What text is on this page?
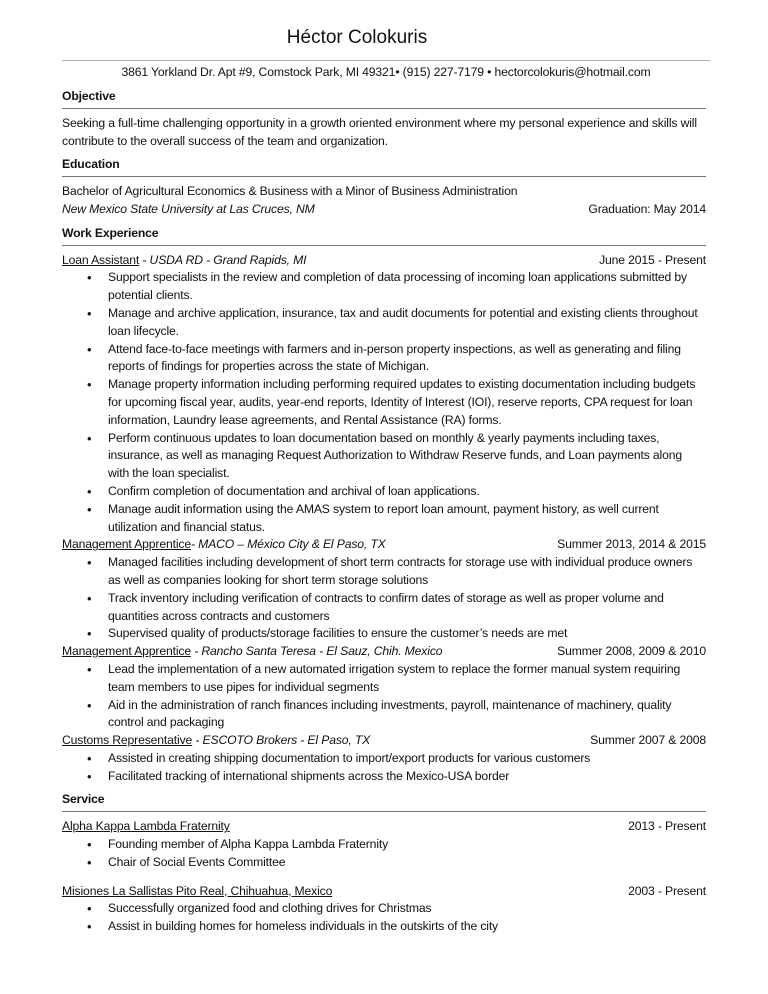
Héctor Colokuris
3861 Yorkland Dr. Apt #9, Comstock Park, MI 49321• (915) 227-7179 • hectorcolokuris@hotmail.com
Objective
Seeking a full-time challenging opportunity in a growth oriented environment where my personal experience and skills will contribute to the overall success of the team and organization.
Education
Bachelor of Agricultural Economics & Business with a Minor of Business Administration
New Mexico State University at Las Cruces, NM	Graduation: May 2014
Work Experience
Loan Assistant - USDA RD - Grand Rapids, MI	June 2015 - Present
• Support specialists in the review and completion of data processing of incoming loan applications submitted by potential clients.
• Manage and archive application, insurance, tax and audit documents for potential and existing clients throughout loan lifecycle.
• Attend face-to-face meetings with farmers and in-person property inspections, as well as generating and filing reports of findings for properties across the state of Michigan.
• Manage property information including performing required updates to existing documentation including budgets for upcoming fiscal year, audits, year-end reports, Identity of Interest (IOI), reserve reports, CPA request for loan information, Laundry lease agreements, and Rental Assistance (RA) forms.
• Perform continuous updates to loan documentation based on monthly & yearly payments including taxes, insurance, as well as managing Request Authorization to Withdraw Reserve funds, and Loan payments along with the loan specialist.
• Confirm completion of documentation and archival of loan applications.
• Manage audit information using the AMAS system to report loan amount, payment history, as well current utilization and financial status.
Management Apprentice- MACO – México City & El Paso, TX	Summer 2013, 2014 & 2015
• Managed facilities including development of short term contracts for storage use with individual produce owners as well as companies looking for short term storage solutions
• Track inventory including verification of contracts to confirm dates of storage as well as proper volume and quantities across contracts and customers
• Supervised quality of products/storage facilities to ensure the customer’s needs are met
Management Apprentice - Rancho Santa Teresa - El Sauz, Chih. Mexico	Summer 2008, 2009 & 2010
• Lead the implementation of a new automated irrigation system to replace the former manual system requiring team members to use pipes for individual segments
• Aid in the administration of ranch finances including investments, payroll, maintenance of machinery, quality control and packaging
Customs Representative - ESCOTO Brokers - El Paso, TX	Summer 2007 & 2008
• Assisted in creating shipping documentation to import/export products for various customers
• Facilitated tracking of international shipments across the Mexico-USA border
Service
Alpha Kappa Lambda Fraternity	2013 - Present
• Founding member of Alpha Kappa Lambda Fraternity
• Chair of Social Events Committee
Misiones La Sallistas Pito Real, Chihuahua, Mexico	2003 - Present
• Successfully organized food and clothing drives for Christmas
• Assist in building homes for homeless individuals in the outskirts of the city
